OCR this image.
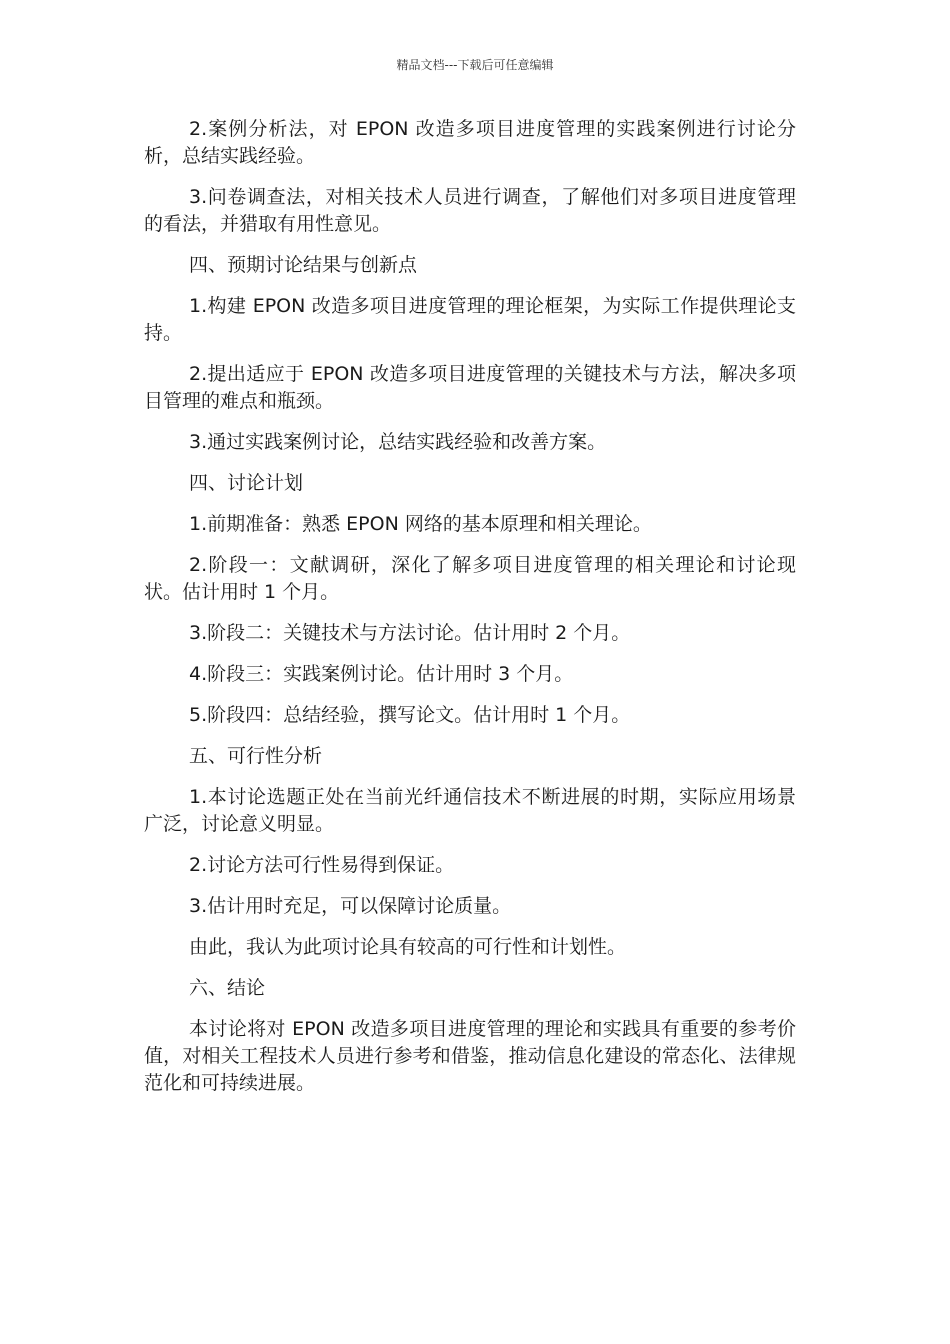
精品文档---下载后可任意编辑

2.案例分析法，对 EPON 改造多项目进度管理的实践案例进行讨论分析，总结实践经验。

3.问卷调查法，对相关技术人员进行调查，了解他们对多项目进度管理的看法，并猎取有用性意见。

四、预期讨论结果与创新点

1.构建 EPON 改造多项目进度管理的理论框架，为实际工作提供理论支持。

2.提出适应于 EPON 改造多项目进度管理的关键技术与方法，解决多项目管理的难点和瓶颈。

3.通过实践案例讨论，总结实践经验和改善方案。

四、讨论计划

1.前期准备：熟悉 EPON 网络的基本原理和相关理论。

2.阶段一：文献调研，深化了解多项目进度管理的相关理论和讨论现状。估计用时 1 个月。

3.阶段二：关键技术与方法讨论。估计用时 2 个月。

4.阶段三：实践案例讨论。估计用时 3 个月。

5.阶段四：总结经验，撰写论文。估计用时 1 个月。

五、可行性分析

1.本讨论选题正处在当前光纤通信技术不断进展的时期，实际应用场景广泛，讨论意义明显。

2.讨论方法可行性易得到保证。

3.估计用时充足，可以保障讨论质量。

由此，我认为此项讨论具有较高的可行性和计划性。

六、结论

本讨论将对 EPON 改造多项目进度管理的理论和实践具有重要的参考价值，对相关工程技术人员进行参考和借鉴，推动信息化建设的常态化、法律规范化和可持续进展。
